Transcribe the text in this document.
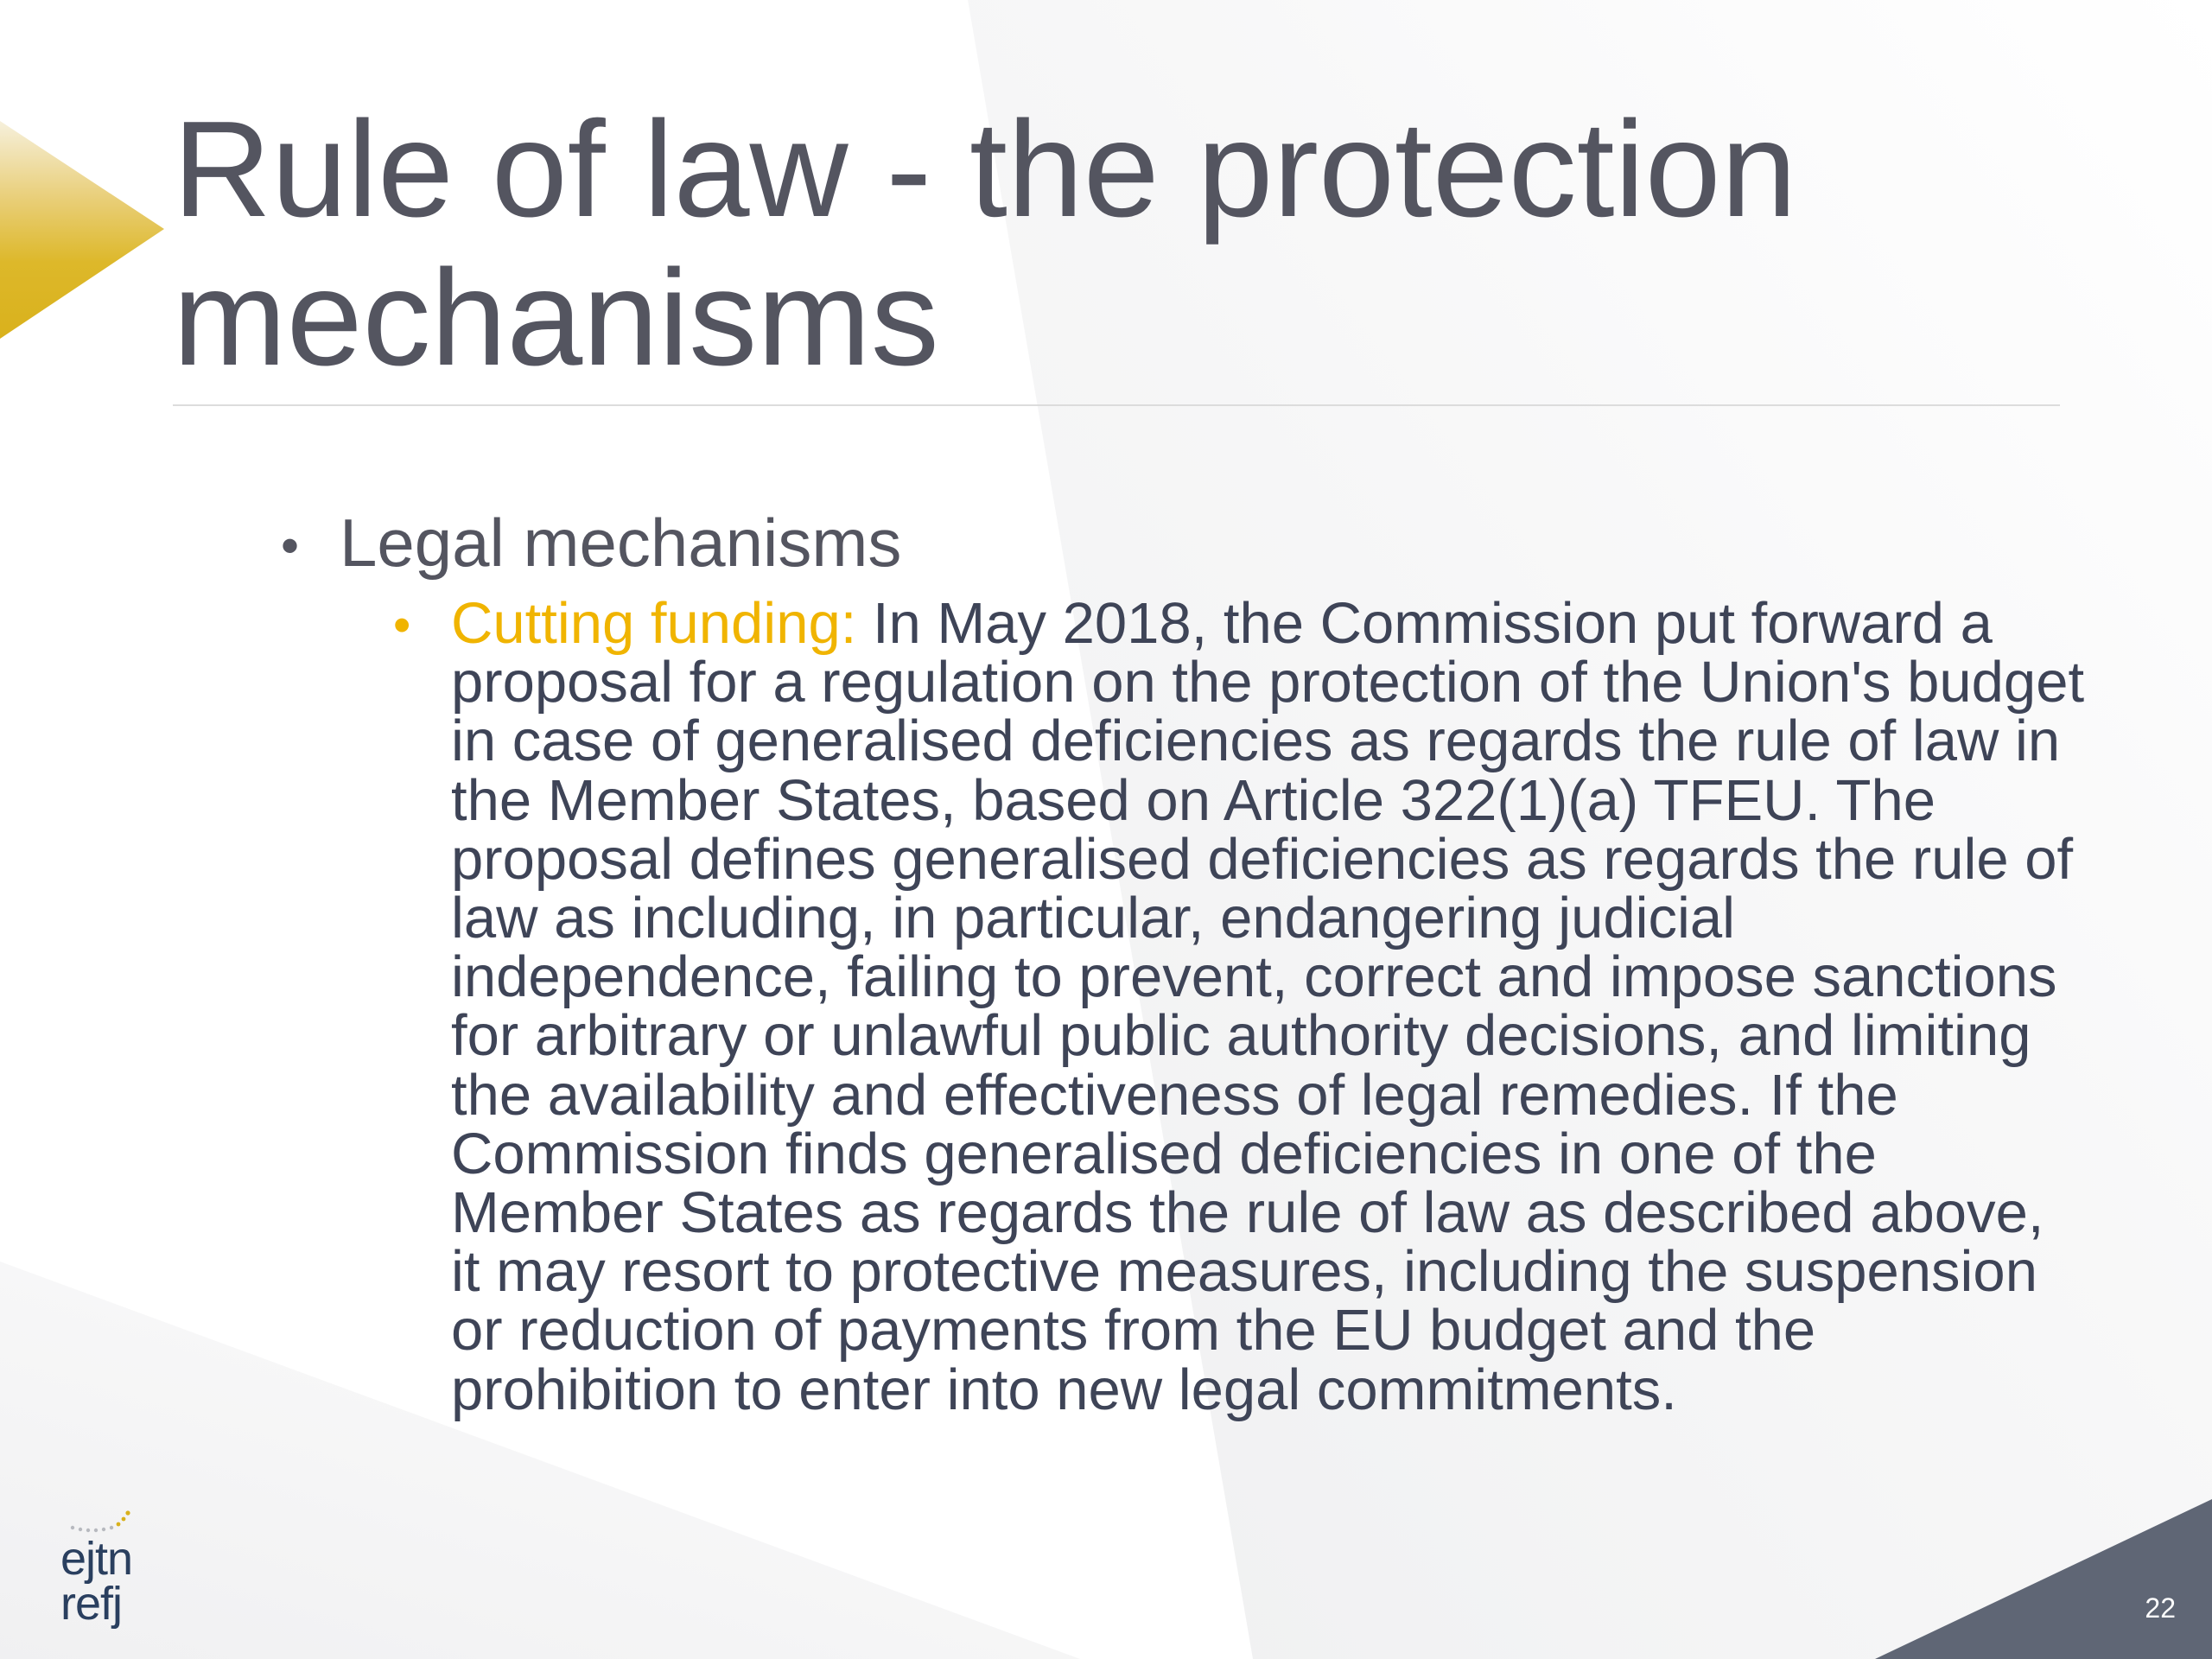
Rule of law - the protection mechanisms
• Legal mechanisms
• Cutting funding: In May 2018, the Commission put forward a proposal for a regulation on the protection of the Union's budget in case of generalised deficiencies as regards the rule of law in the Member States, based on Article 322(1)(a) TFEU. The proposal defines generalised deficiencies as regards the rule of law as including, in particular, endangering judicial independence, failing to prevent, correct and impose sanctions for arbitrary or unlawful public authority decisions, and limiting the availability and effectiveness of legal remedies. If the Commission finds generalised deficiencies in one of the Member States as regards the rule of law as described above, it may resort to protective measures, including the suspension or reduction of payments from the EU budget and the prohibition to enter into new legal commitments.

ejtn
refj	22
